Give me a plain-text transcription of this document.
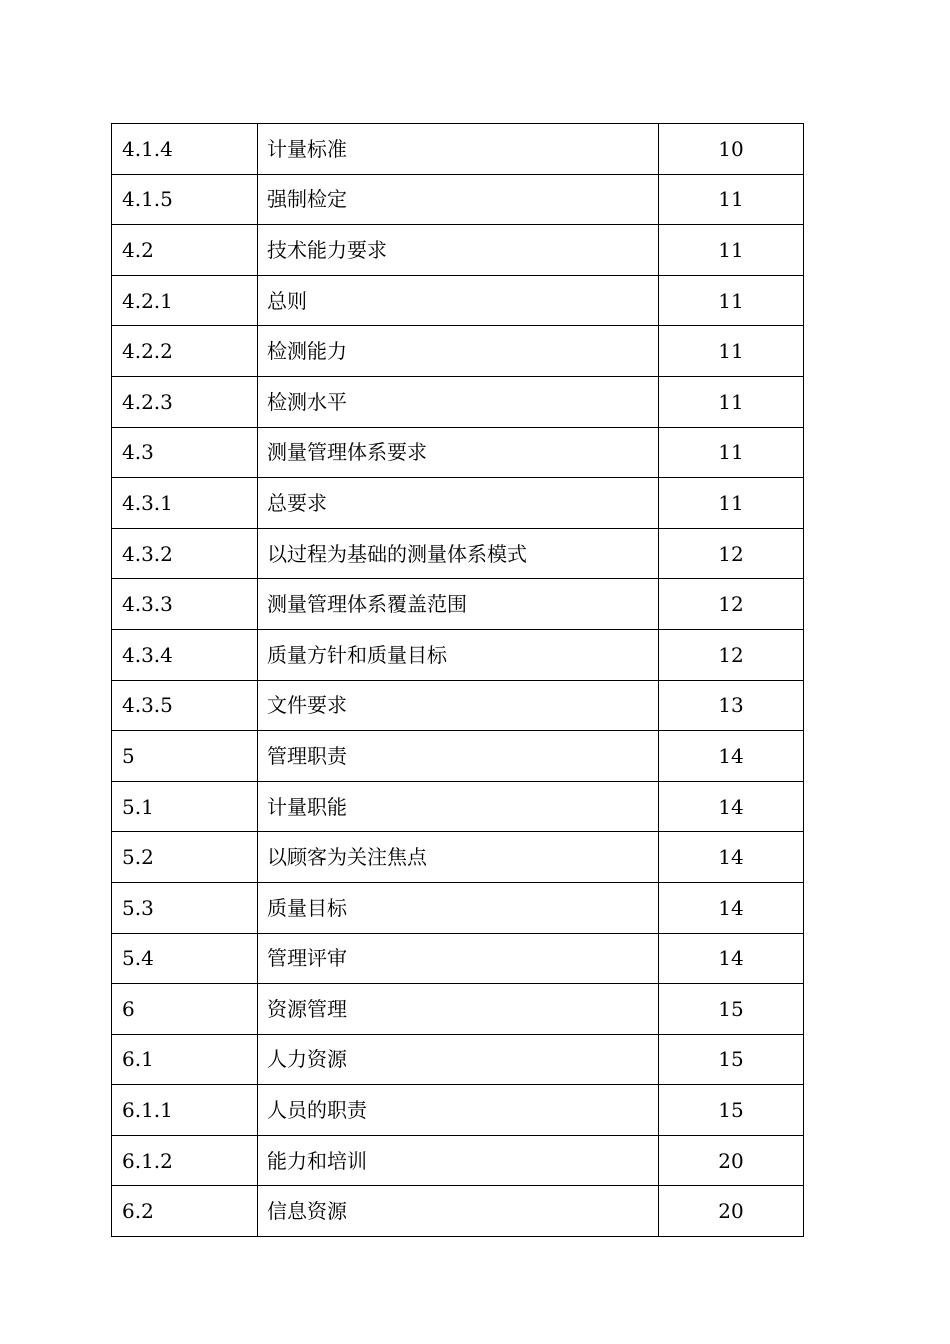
4.1.4	计量标准	10
4.1.5	强制检定	11
4.2	技术能力要求	11
4.2.1	总则	11
4.2.2	检测能力	11
4.2.3	检测水平	11
4.3	测量管理体系要求	11
4.3.1	总要求	11
4.3.2	以过程为基础的测量体系模式	12
4.3.3	测量管理体系覆盖范围	12
4.3.4	质量方针和质量目标	12
4.3.5	文件要求	13
5	管理职责	14
5.1	计量职能	14
5.2	以顾客为关注焦点	14
5.3	质量目标	14
5.4	管理评审	14
6	资源管理	15
6.1	人力资源	15
6.1.1	人员的职责	15
6.1.2	能力和培训	20
6.2	信息资源	20
